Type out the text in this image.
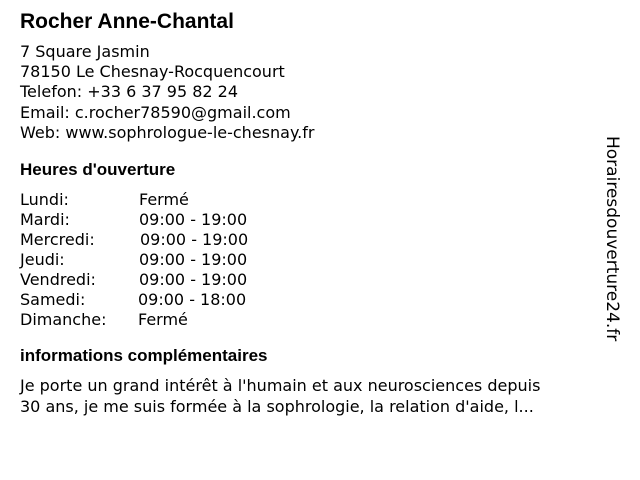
Rocher Anne-Chantal
7 Square Jasmin
78150 Le Chesnay-Rocquencourt
Telefon: +33 6 37 95 82 24
Email: c.rocher78590@gmail.com
Web: www.sophrologue-le-chesnay.fr
Heures d'ouverture
Lundi:	Fermé
Mardi:	09:00 - 19:00
Mercredi:	09:00 - 19:00
Jeudi:	09:00 - 19:00
Vendredi:	09:00 - 19:00
Samedi:	09:00 - 18:00
Dimanche: Fermé
informations complémentaires
Je porte un grand intérêt à l'humain et aux neurosciences depuis
30 ans, je me suis formée à la sophrologie, la relation d'aide, l...
Horairesdouverture24.fr
